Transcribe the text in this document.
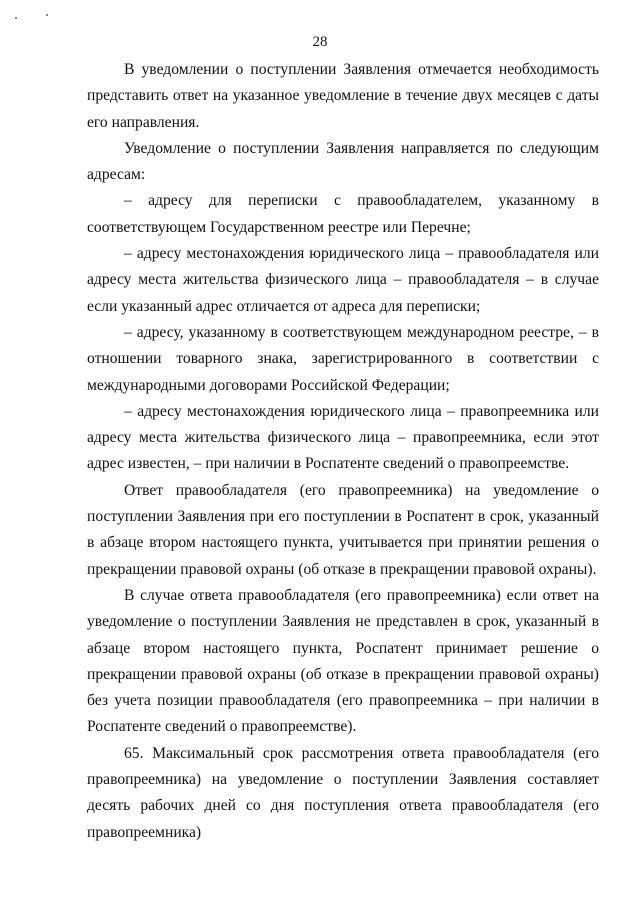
28

В уведомлении о поступлении Заявления отмечается необходимость представить ответ на указанное уведомление в течение двух месяцев с даты его направления.

Уведомление о поступлении Заявления направляется по следующим адресам:

– адресу для переписки с правообладателем, указанному в соответствующем Государственном реестре или Перечне;

– адресу местонахождения юридического лица – правообладателя или адресу места жительства физического лица – правообладателя – в случае если указанный адрес отличается от адреса для переписки;

– адресу, указанному в соответствующем международном реестре, – в отношении товарного знака, зарегистрированного в соответствии с международными договорами Российской Федерации;

– адресу местонахождения юридического лица – правопреемника или адресу места жительства физического лица – правопреемника, если этот адрес известен, – при наличии в Роспатенте сведений о правопреемстве.

Ответ правообладателя (его правопреемника) на уведомление о поступлении Заявления при его поступлении в Роспатент в срок, указанный в абзаце втором настоящего пункта, учитывается при принятии решения о прекращении правовой охраны (об отказе в прекращении правовой охраны).

В случае ответа правообладателя (его правопреемника) если ответ на уведомление о поступлении Заявления не представлен в срок, указанный в абзаце втором настоящего пункта, Роспатент принимает решение о прекращении правовой охраны (об отказе в прекращении правовой охраны) без учета позиции правообладателя (его правопреемника – при наличии в Роспатенте сведений о правопреемстве).

65. Максимальный срок рассмотрения ответа правообладателя (его правопреемника) на уведомление о поступлении Заявления составляет десять рабочих дней со дня поступления ответа правообладателя (его правопреемника)
